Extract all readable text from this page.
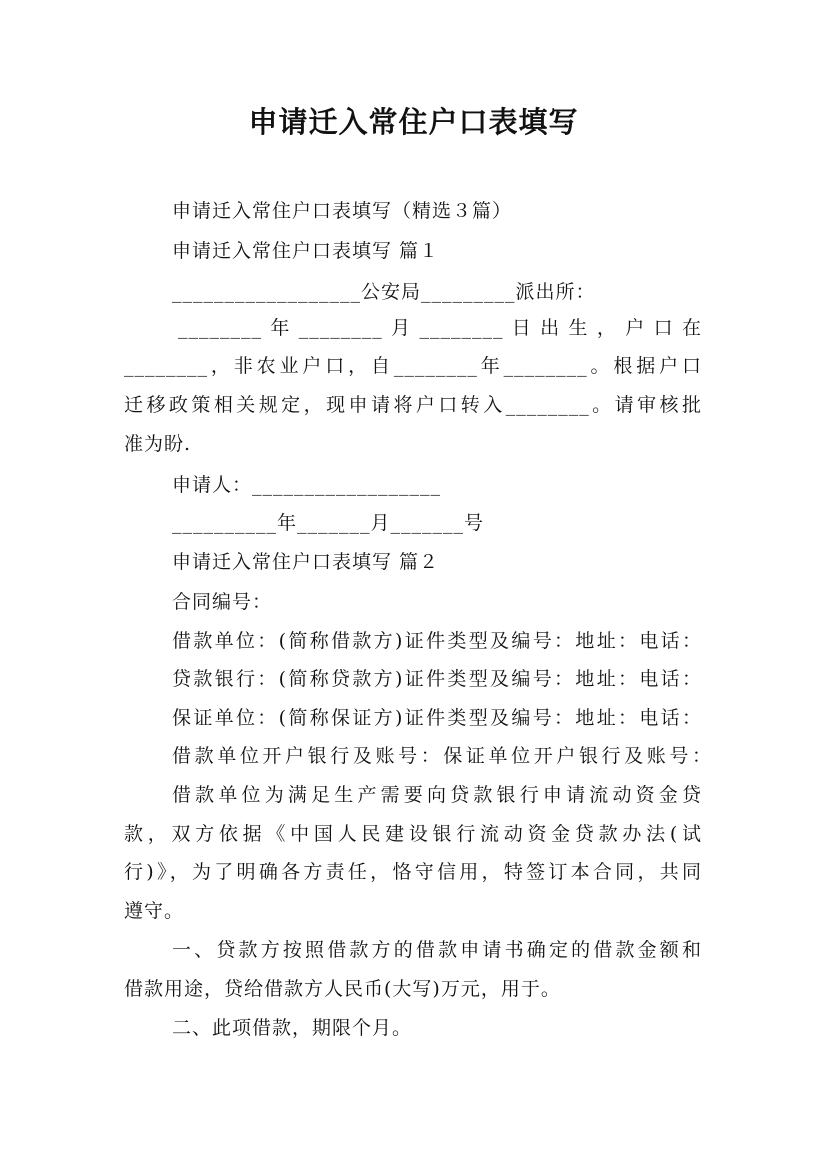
申请迁入常住户口表填写
申请迁入常住户口表填写（精选３篇）
申请迁入常住户口表填写 篇１
__________________公安局_________派出所：
________年________月________日出生，户口在
________，非农业户口，自________年________。根据户口
迁移政策相关规定，现申请将户口转入________。请审核批
准为盼.
申请人：__________________
__________年_______月_______号
申请迁入常住户口表填写 篇２
合同编号：
借款单位：(简称借款方)证件类型及编号：地址：电话：
贷款银行：(简称贷款方)证件类型及编号：地址：电话：
保证单位：(简称保证方)证件类型及编号：地址：电话：
借款单位开户银行及账号：保证单位开户银行及账号：
借款单位为满足生产需要向贷款银行申请流动资金贷
款，双方依据《中国人民建设银行流动资金贷款办法(试
行)》，为了明确各方责任，恪守信用，特签订本合同，共同
遵守。
一、贷款方按照借款方的借款申请书确定的借款金额和
借款用途，贷给借款方人民币(大写)万元，用于。
二、此项借款，期限个月。
